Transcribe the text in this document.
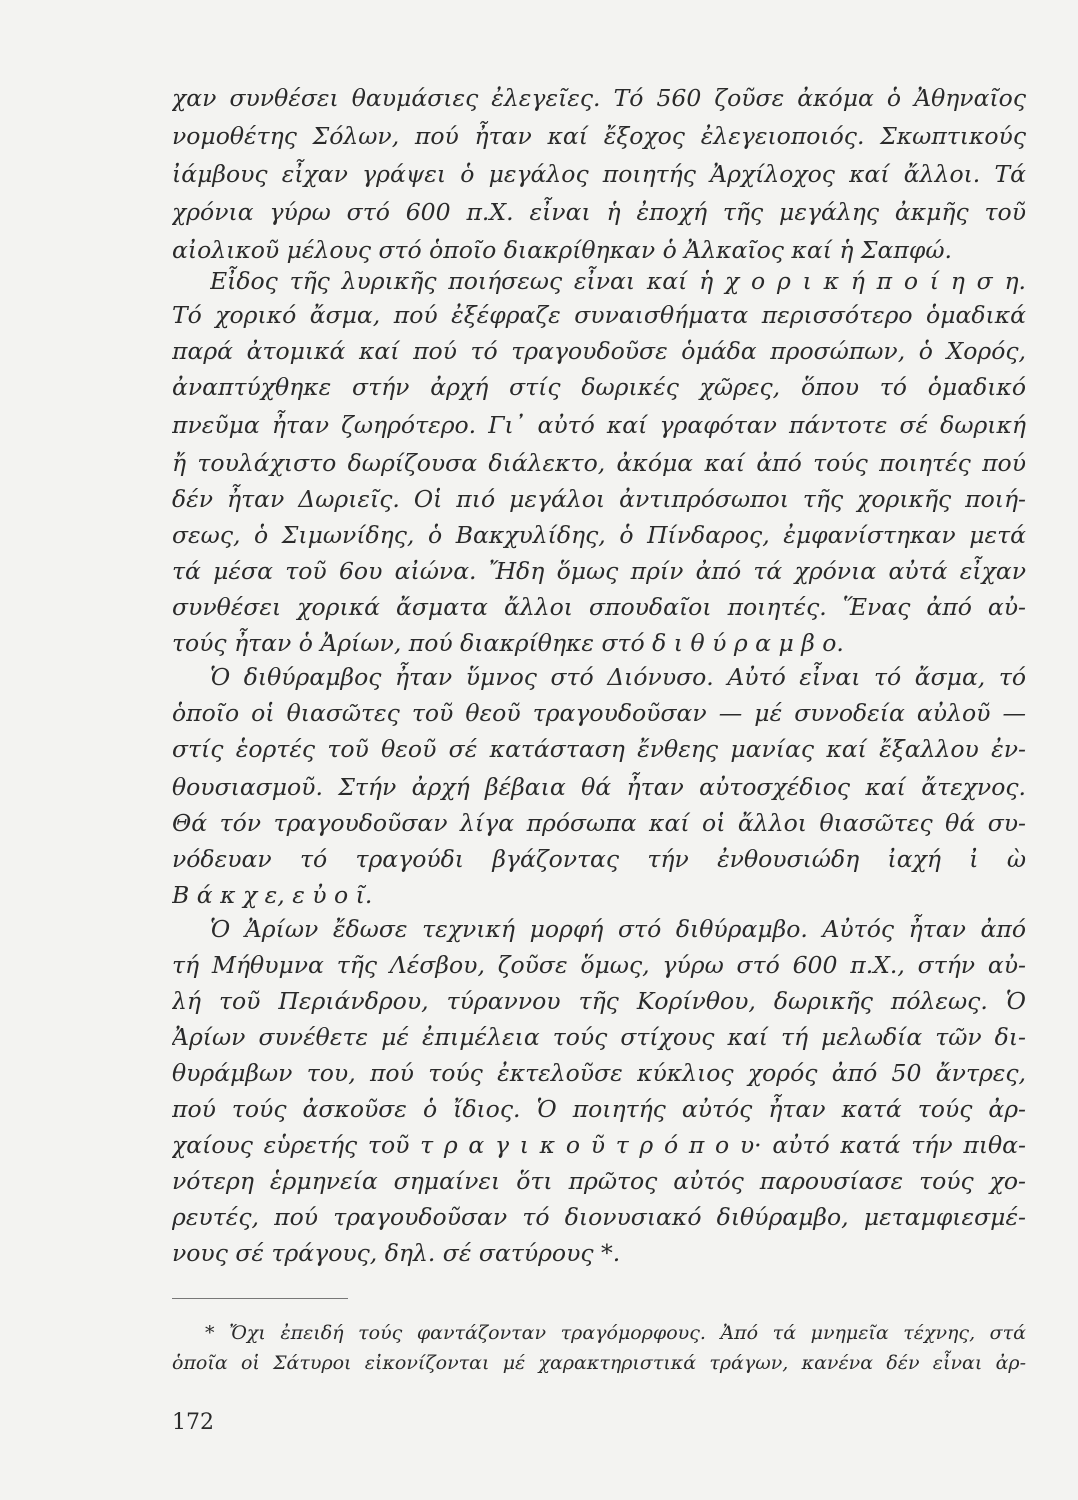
χαν συνθέσει θαυμάσιες ἐλεγεῖες. Τό 560 ζοῦσε ἀκόμα ὁ Ἀθηναῖος
νομοθέτης Σόλων, πού ἦταν καί ἔξοχος ἐλεγειοποιός. Σκωπτικούς
ἰάμβους εἶχαν γράψει ὁ μεγάλος ποιητής Ἀρχίλοχος καί ἄλλοι. Τά
χρόνια γύρω στό 600 π.Χ. εἶναι ἡ ἐποχή τῆς μεγάλης ἀκμῆς τοῦ
αἰολικοῦ μέλους στό ὁποῖο διακρίθηκαν ὁ Ἀλκαῖος καί ἡ Σαπφώ.
Εἶδος τῆς λυρικῆς ποιήσεως εἶναι καί ἡ χ ο ρ ι κ ή π ο ί η σ η.
Τό χορικό ἄσμα, πού ἐξέφραζε συναισθήματα περισσότερο ὁμαδικά
παρά ἀτομικά καί πού τό τραγουδοῦσε ὁμάδα προσώπων, ὁ Χορός,
ἀναπτύχθηκε στήν ἀρχή στίς δωρικές χῶρες, ὅπου τό ὁμαδικό
πνεῦμα ἦταν ζωηρότερο. Γι᾽ αὐτό καί γραφόταν πάντοτε σέ δωρική
ἤ τουλάχιστο δωρίζουσα διάλεκτο, ἀκόμα καί ἀπό τούς ποιητές πού
δέν ἦταν Δωριεῖς. Οἱ πιό μεγάλοι ἀντιπρόσωποι τῆς χορικῆς ποιή-
σεως, ὁ Σιμωνίδης, ὁ Βακχυλίδης, ὁ Πίνδαρος, ἐμφανίστηκαν μετά
τά μέσα τοῦ 6ου αἰώνα. Ἤδη ὅμως πρίν ἀπό τά χρόνια αὐτά εἶχαν
συνθέσει χορικά ἄσματα ἄλλοι σπουδαῖοι ποιητές. Ἕνας ἀπό αὐ-
τούς ἦταν ὁ Ἀρίων, πού διακρίθηκε στό δ ι θ ύ ρ α μ β ο.
Ὁ διθύραμβος ἦταν ὕμνος στό Διόνυσο. Αὐτό εἶναι τό ἄσμα, τό
ὁποῖο οἱ θιασῶτες τοῦ θεοῦ τραγουδοῦσαν — μέ συνοδεία αὐλοῦ —
στίς ἑορτές τοῦ θεοῦ σέ κατάσταση ἔνθεης μανίας καί ἔξαλλου ἐν-
θουσιασμοῦ. Στήν ἀρχή βέβαια θά ἦταν αὐτοσχέδιος καί ἄτεχνος.
Θά τόν τραγουδοῦσαν λίγα πρόσωπα καί οἱ ἄλλοι θιασῶτες θά συ-
νόδευαν τό τραγούδι βγάζοντας τήν ἐνθουσιώδη ἰαχή ἰ ὼ
Β ά κ χ ε, ε ὐ ο ῖ.
Ὁ Ἀρίων ἔδωσε τεχνική μορφή στό διθύραμβο. Αὐτός ἦταν ἀπό
τή Μήθυμνα τῆς Λέσβου, ζοῦσε ὅμως, γύρω στό 600 π.Χ., στήν αὐ-
λή τοῦ Περιάνδρου, τύραννου τῆς Κορίνθου, δωρικῆς πόλεως. Ὁ
Ἀρίων συνέθετε μέ ἐπιμέλεια τούς στίχους καί τή μελωδία τῶν δι-
θυράμβων του, πού τούς ἐκτελοῦσε κύκλιος χορός ἀπό 50 ἄντρες,
πού τούς ἀσκοῦσε ὁ ἴδιος. Ὁ ποιητής αὐτός ἦταν κατά τούς ἀρ-
χαίους εὑρετής τοῦ τ ρ α γ ι κ ο ῦ τ ρ ό π ο υ· αὐτό κατά τήν πιθα-
νότερη ἑρμηνεία σημαίνει ὅτι πρῶτος αὐτός παρουσίασε τούς χο-
ρευτές, πού τραγουδοῦσαν τό διονυσιακό διθύραμβο, μεταμφιεσμέ-
νους σέ τράγους, δηλ. σέ σατύρους *.
* Ὄχι ἐπειδή τούς φαντάζονταν τραγόμορφους. Ἀπό τά μνημεῖα τέχνης, στά
ὁποῖα οἱ Σάτυροι εἰκονίζονται μέ χαρακτηριστικά τράγων, κανένα δέν εἶναι ἀρ-
172
